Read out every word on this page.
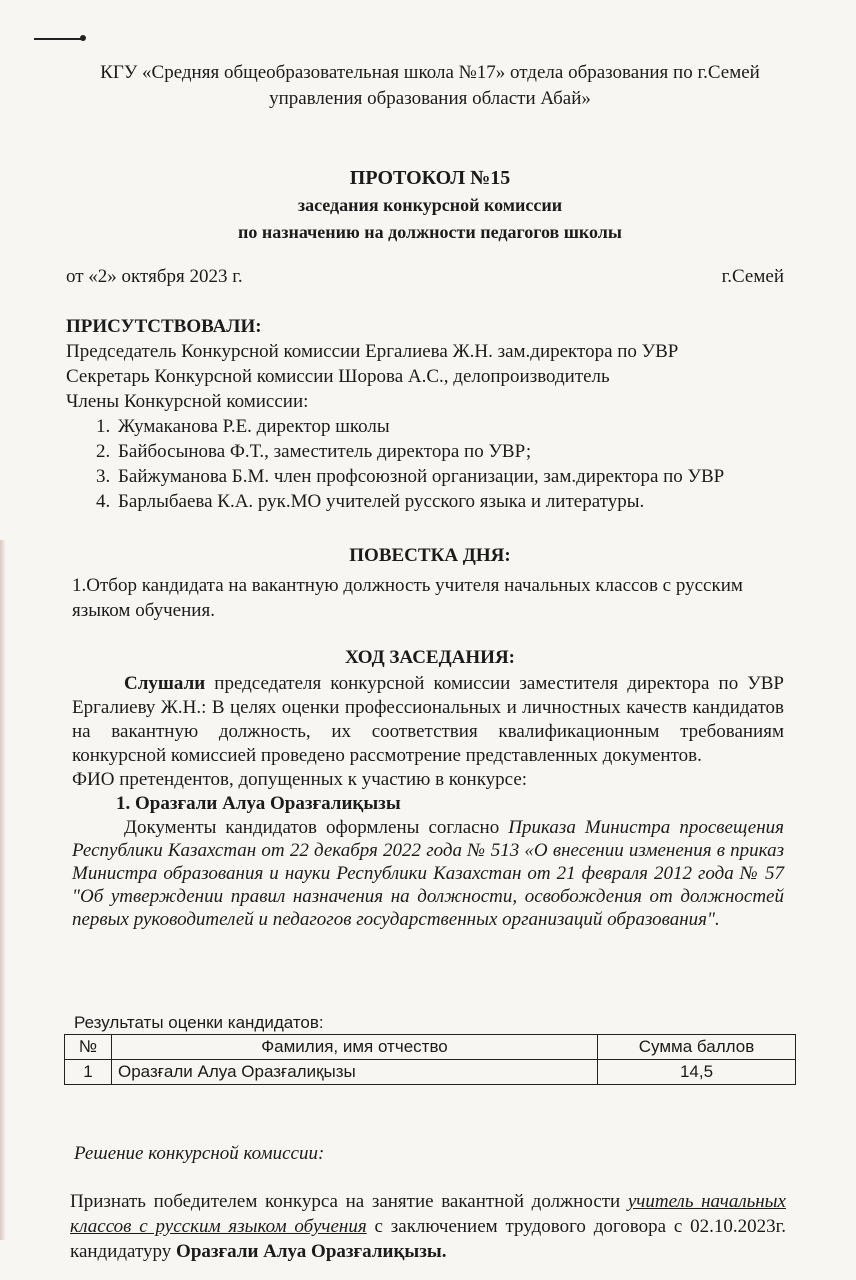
КГУ «Средняя общеобразовательная школа №17» отдела образования по г.Семей
управления образования области Абай»
ПРОТОКОЛ №15
заседания конкурсной комиссии
по назначению на должности педагогов школы
от «2» октября 2023 г.	г.Семей
ПРИСУТСТВОВАЛИ:
Председатель Конкурсной комиссии Ергалиева Ж.Н. зам.директора по УВР
Секретарь Конкурсной комиссии Шорова А.С., делопроизводитель
Члены Конкурсной комиссии:
1. Жумаканова Р.Е. директор школы
2. Байбосынова Ф.Т., заместитель директора по УВР;
3. Байжуманова Б.М. член профсоюзной организации, зам.директора по УВР
4. Барлыбаева К.А. рук.МО учителей русского языка и литературы.
ПОВЕСТКА ДНЯ:
1.Отбор кандидата на вакантную должность учителя начальных классов с русским языком обучения.
ХОД ЗАСЕДАНИЯ:
Слушали председателя конкурсной комиссии заместителя директора по УВР Ергалиеву Ж.Н.: В целях оценки профессиональных и личностных качеств кандидатов на вакантную должность, их соответствия квалификационным требованиям конкурсной комиссией проведено рассмотрение представленных документов.
ФИО претендентов, допущенных к участию в конкурсе:
1. Оразғали Алуа Оразғалиқызы
Документы кандидатов оформлены согласно Приказа Министра просвещения Республики Казахстан от 22 декабря 2022 года № 513 «О внесении изменения в приказ Министра образования и науки Республики Казахстан от 21 февраля 2012 года № 57 "Об утверждении правил назначения на должности, освобождения от должностей первых руководителей и педагогов государственных организаций образования".
Результаты оценки кандидатов:
№	Фамилия, имя отчество	Сумма баллов
1	Оразғали Алуа Оразғалиқызы	14,5
Решение конкурсной комиссии:
Признать победителем конкурса на занятие вакантной должности учитель начальных классов с русским языком обучения с заключением трудового договора с 02.10.2023г. кандидатуру Оразғали Алуа Оразғалиқызы.
